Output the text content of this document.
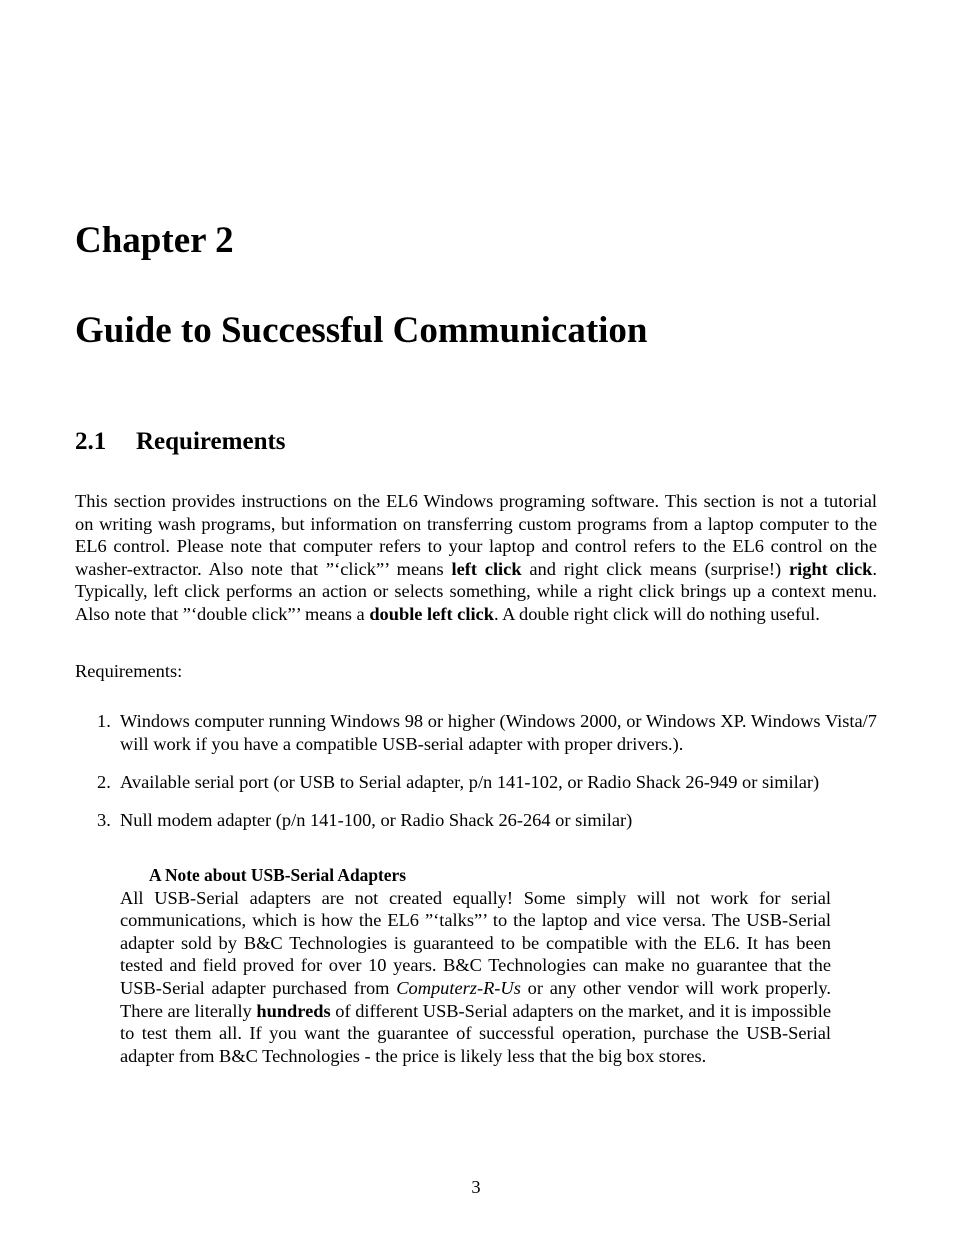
Chapter 2
Guide to Successful Communication
2.1 Requirements

This section provides instructions on the EL6 Windows programing software. This section is not a tutorial on writing wash programs, but information on transferring custom programs from a laptop computer to the EL6 control. Please note that computer refers to your laptop and control refers to the EL6 control on the washer-extractor. Also note that ”‘click”’ means left click and right click means (surprise!) right click. Typically, left click performs an action or selects something, while a right click brings up a context menu. Also note that ”‘double click”’ means a double left click. A double right click will do nothing useful.

Requirements:

1. Windows computer running Windows 98 or higher (Windows 2000, or Windows XP. Windows Vista/7 will work if you have a compatible USB-serial adapter with proper drivers.).
2. Available serial port (or USB to Serial adapter, p/n 141-102, or Radio Shack 26-949 or similar)
3. Null modem adapter (p/n 141-100, or Radio Shack 26-264 or similar)

A Note about USB-Serial Adapters

All USB-Serial adapters are not created equally! Some simply will not work for serial communications, which is how the EL6 ”‘talks”’ to the laptop and vice versa. The USB-Serial adapter sold by B&C Technologies is guaranteed to be compatible with the EL6. It has been tested and field proved for over 10 years. B&C Technologies can make no guarantee that the USB-Serial adapter purchased from Computerz-R-Us or any other vendor will work properly. There are literally hundreds of different USB-Serial adapters on the market, and it is impossible to test them all. If you want the guarantee of successful operation, purchase the USB-Serial adapter from B&C Technologies - the price is likely less that the big box stores.

3
